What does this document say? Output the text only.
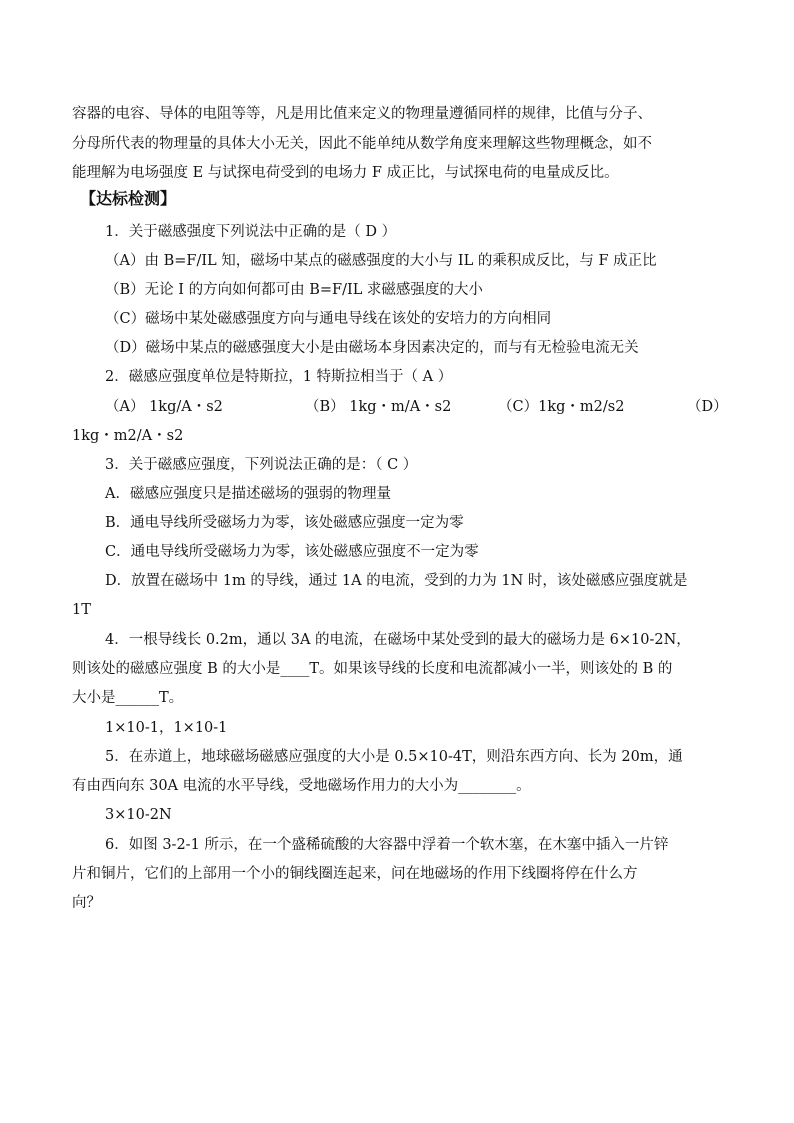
容器的电容、导体的电阻等等，凡是用比值来定义的物理量遵循同样的规律，比值与分子、
分母所代表的物理量的具体大小无关，因此不能单纯从数学角度来理解这些物理概念，如不
能理解为电场强度 E 与试探电荷受到的电场力 F 成正比，与试探电荷的电量成反比。
【达标检测】
1．关于磁感强度下列说法中正确的是（ D ）
（A）由 B=F/IL 知，磁场中某点的磁感强度的大小与 IL 的乘积成反比，与 F 成正比
（B）无论 I 的方向如何都可由 B=F/IL 求磁感强度的大小
（C）磁场中某处磁感强度方向与通电导线在该处的安培力的方向相同
（D）磁场中某点的磁感强度大小是由磁场本身因素决定的，而与有无检验电流无关
2．磁感应强度单位是特斯拉，1 特斯拉相当于（ A ）
（A） 1kg/A・s2	（B） 1kg・m/A・s2	（C）1kg・m2/s2	（D）
1kg・m2/A・s2
3．关于磁感应强度，下列说法正确的是：（ C ）
A．磁感应强度只是描述磁场的强弱的物理量
B．通电导线所受磁场力为零，该处磁感应强度一定为零
C．通电导线所受磁场力为零，该处磁感应强度不一定为零
D．放置在磁场中 1m 的导线，通过 1A 的电流，受到的力为 1N 时，该处磁感应强度就是
1T
4．一根导线长 0.2m，通以 3A 的电流，在磁场中某处受到的最大的磁场力是 6×10-2N，
则该处的磁感应强度 B 的大小是____T。如果该导线的长度和电流都减小一半，则该处的 B 的
大小是______T。
1×10-1，1×10-1
5．在赤道上，地球磁场磁感应强度的大小是 0.5×10-4T，则沿东西方向、长为 20m，通
有由西向东 30A 电流的水平导线，受地磁场作用力的大小为________。
3×10-2N
6．如图 3-2-1 所示，在一个盛稀硫酸的大容器中浮着一个软木塞，在木塞中插入一片锌
片和铜片，它们的上部用一个小的铜线圈连起来，问在地磁场的作用下线圈将停在什么方
向？
